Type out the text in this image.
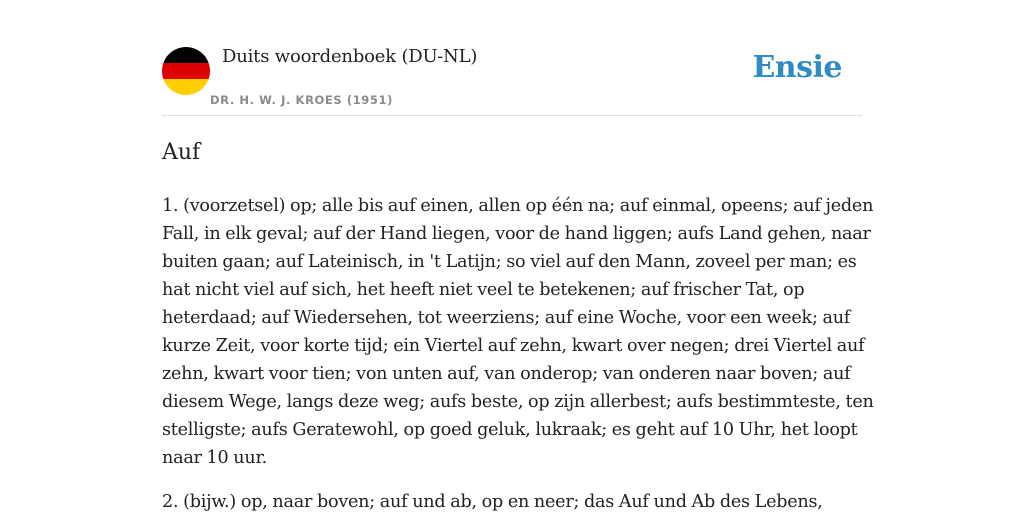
Duits woordenboek (DU-NL)
DR. H. W. J. KROES (1951)
Ensie
Auf

1. (voorzetsel) op; alle bis auf einen, allen op één na; auf einmal, opeens; auf jeden Fall, in elk geval; auf der Hand liegen, voor de hand liggen; aufs Land gehen, naar buiten gaan; auf Lateinisch, in 't Latijn; so viel auf den Mann, zoveel per man; es hat nicht viel auf sich, het heeft niet veel te betekenen; auf frischer Tat, op heterdaad; auf Wiedersehen, tot weerziens; auf eine Woche, voor een week; auf kurze Zeit, voor korte tijd; ein Viertel auf zehn, kwart over negen; drei Viertel auf zehn, kwart voor tien; von unten auf, van onderop; van onderen naar boven; auf diesem Wege, langs deze weg; aufs beste, op zijn allerbest; aufs bestimmteste, ten stelligste; aufs Geratewohl, op goed geluk, lukraak; es geht auf 10 Uhr, het loopt naar 10 uur.

2. (bijw.) op, naar boven; auf und ab, op en neer; das Auf und Ab des Lebens,
